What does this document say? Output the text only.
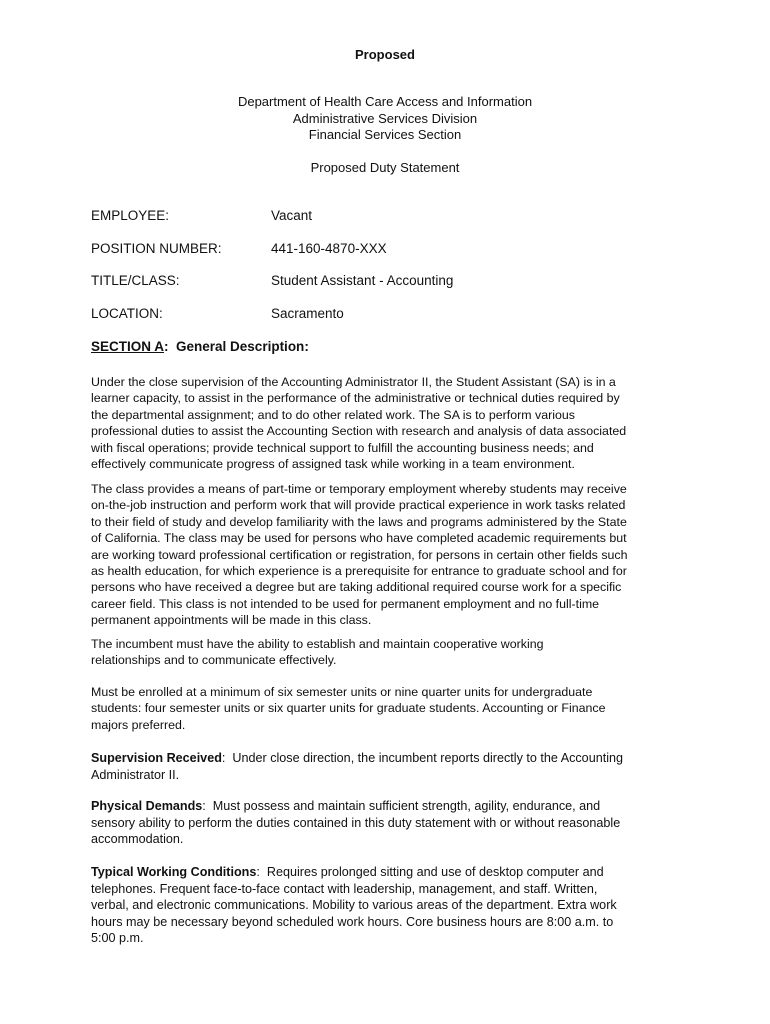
Proposed
Department of Health Care Access and Information
Administrative Services Division
Financial Services Section
Proposed Duty Statement
EMPLOYEE:	Vacant
POSITION NUMBER:	441-160-4870-XXX
TITLE/CLASS:	Student Assistant - Accounting
LOCATION:	Sacramento
SECTION A:  General Description:
Under the close supervision of the Accounting Administrator II, the Student Assistant (SA) is in a
learner capacity, to assist in the performance of the administrative or technical duties required by
the departmental assignment; and to do other related work. The SA is to perform various
professional duties to assist the Accounting Section with research and analysis of data associated
with fiscal operations; provide technical support to fulfill the accounting business needs; and
effectively communicate progress of assigned task while working in a team environment.
The class provides a means of part-time or temporary employment whereby students may receive
on-the-job instruction and perform work that will provide practical experience in work tasks related
to their field of study and develop familiarity with the laws and programs administered by the State
of California. The class may be used for persons who have completed academic requirements but
are working toward professional certification or registration, for persons in certain other fields such
as health education, for which experience is a prerequisite for entrance to graduate school and for
persons who have received a degree but are taking additional required course work for a specific
career field. This class is not intended to be used for permanent employment and no full-time
permanent appointments will be made in this class.
The incumbent must have the ability to establish and maintain cooperative working
relationships and to communicate effectively.
Must be enrolled at a minimum of six semester units or nine quarter units for undergraduate
students: four semester units or six quarter units for graduate students. Accounting or Finance
majors preferred.
Supervision Received:  Under close direction, the incumbent reports directly to the Accounting
Administrator II.
Physical Demands:  Must possess and maintain sufficient strength, agility, endurance, and
sensory ability to perform the duties contained in this duty statement with or without reasonable
accommodation.
Typical Working Conditions:  Requires prolonged sitting and use of desktop computer and
telephones. Frequent face-to-face contact with leadership, management, and staff. Written,
verbal, and electronic communications. Mobility to various areas of the department. Extra work
hours may be necessary beyond scheduled work hours. Core business hours are 8:00 a.m. to
5:00 p.m.
